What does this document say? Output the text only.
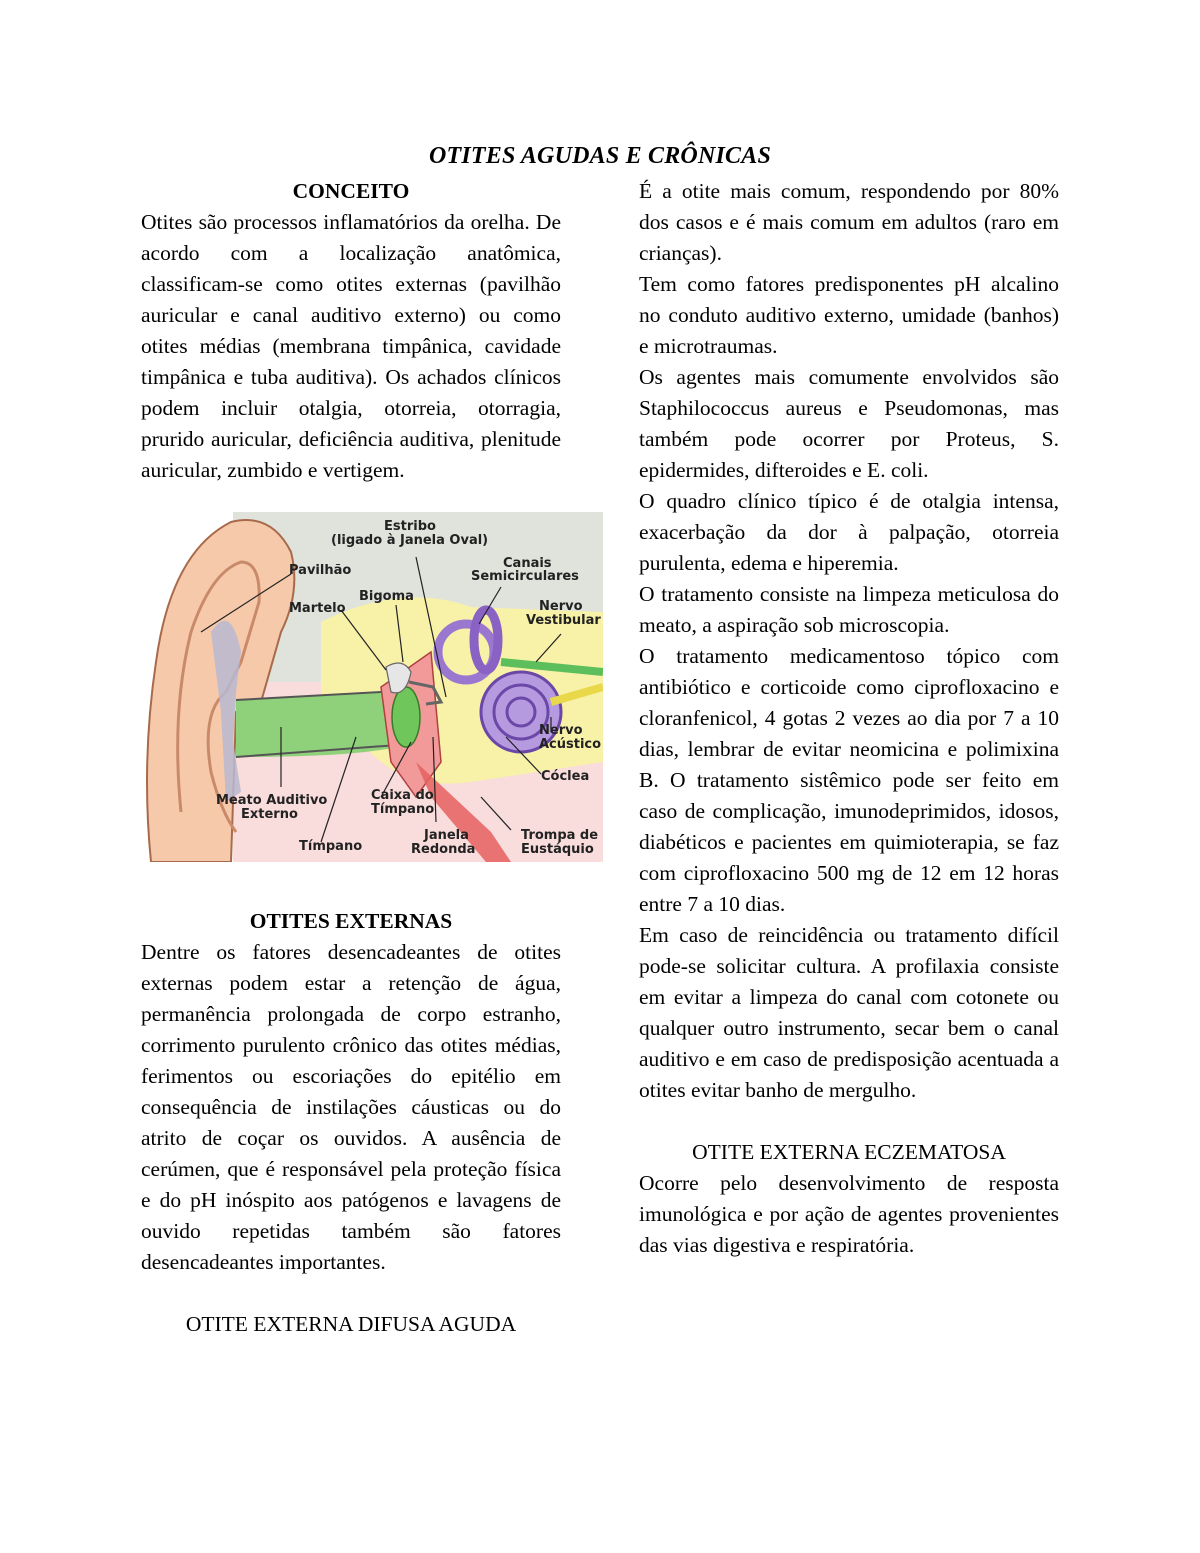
OTITES AGUDAS E CRÔNICAS

CONCEITO

Otites são processos inflamatórios da orelha. De acordo com a localização anatômica, classificam-se como otites externas (pavilhão auricular e canal auditivo externo) ou como otites médias (membrana timpânica, cavidade timpânica e tuba auditiva). Os achados clínicos podem incluir otalgia, otorreia, otorragia, prurido auricular, deficiência auditiva, plenitude auricular, zumbido e vertigem.

Estribo
(ligado à Janela Oval)
Pavilhão	Canais
Semicirculares
Bigoma
Martelo	Nervo
Vestibular
Nervo
Acústico
Cóclea
Meato Auditivo
Externo
Caixa do
Tímpano
Tímpano
Janela
Redonda
Trompa de
Eustáquio

OTITES EXTERNAS

Dentre os fatores desencadeantes de otites externas podem estar a retenção de água, permanência prolongada de corpo estranho, corrimento purulento crônico das otites médias, ferimentos ou escoriações do epitélio em consequência de instilações cáusticas ou do atrito de coçar os ouvidos. A ausência de cerúmen, que é responsável pela proteção física e do pH inóspito aos patógenos e lavagens de ouvido repetidas também são fatores desencadeantes importantes.

OTITE EXTERNA DIFUSA AGUDA

É a otite mais comum, respondendo por 80% dos casos e é mais comum em adultos (raro em crianças).

Tem como fatores predisponentes pH alcalino no conduto auditivo externo, umidade (banhos) e microtraumas.

Os agentes mais comumente envolvidos são Staphilococcus aureus e Pseudomonas, mas também pode ocorrer por Proteus, S. epidermides, difteroides e E. coli.

O quadro clínico típico é de otalgia intensa, exacerbação da dor à palpação, otorreia purulenta, edema e hiperemia.

O tratamento consiste na limpeza meticulosa do meato, a aspiração sob microscopia.

O tratamento medicamentoso tópico com antibiótico e corticoide como ciprofloxacino e cloranfenicol, 4 gotas 2 vezes ao dia por 7 a 10 dias, lembrar de evitar neomicina e polimixina B. O tratamento sistêmico pode ser feito em caso de complicação, imunodeprimidos, idosos, diabéticos e pacientes em quimioterapia, se faz com ciprofloxacino 500 mg de 12 em 12 horas entre 7 a 10 dias.

Em caso de reincidência ou tratamento difícil pode-se solicitar cultura. A profilaxia consiste em evitar a limpeza do canal com cotonete ou qualquer outro instrumento, secar bem o canal auditivo e em caso de predisposição acentuada a otites evitar banho de mergulho.

OTITE EXTERNA ECZEMATOSA

Ocorre pelo desenvolvimento de resposta imunológica e por ação de agentes provenientes das vias digestiva e respiratória.
